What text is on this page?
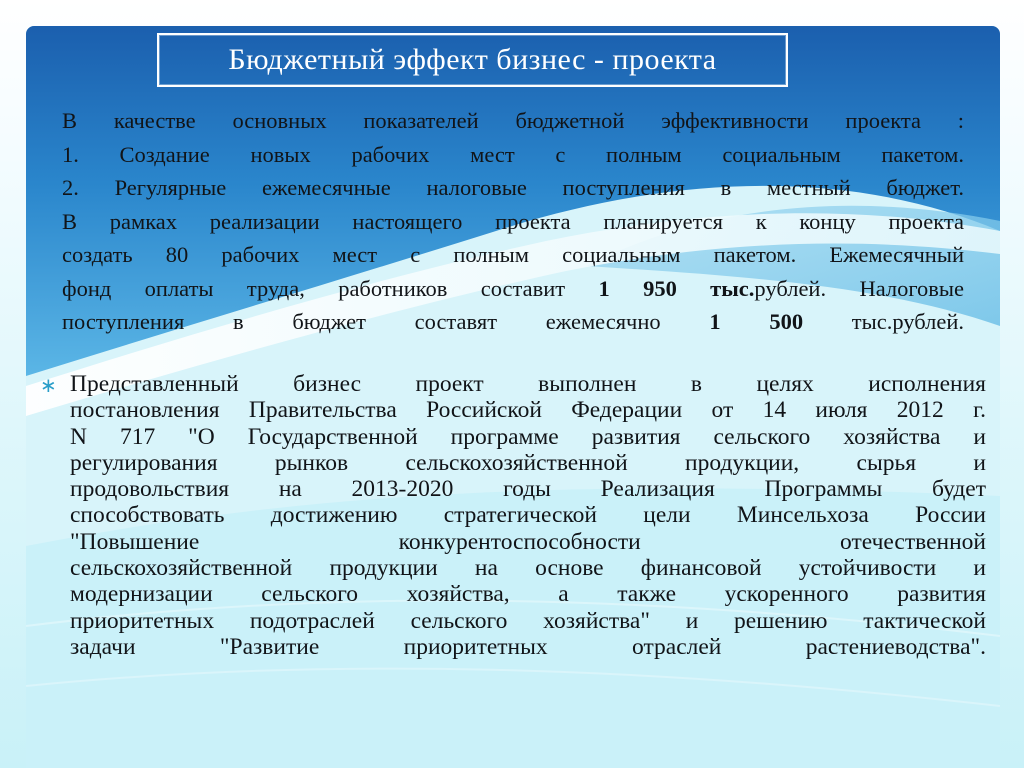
Бюджетный эффект бизнес - проекта
В качестве основных показателей бюджетной эффективности проекта :
1. Создание новых рабочих мест с полным социальным пакетом.
2. Регулярные ежемесячные налоговые поступления в местный бюджет.
В рамках реализации настоящего проекта планируется к концу проекта
создать 80 рабочих мест с полным социальным пакетом. Ежемесячный
фонд оплаты труда, работников составит 1 950 тыс.рублей. Налоговые
поступления в бюджет составят ежемесячно 1 500 тыс.рублей.
∗ Представленный бизнес проект выполнен в целях исполнения
постановления Правительства Российской Федерации от 14 июля 2012 г.
N 717 "О Государственной программе развития сельского хозяйства и
регулирования рынков сельскохозяйственной продукции, сырья и
продовольствия на 2013-2020 годы Реализация Программы будет
способствовать достижению стратегической цели Минсельхоза России
"Повышение конкурентоспособности отечественной
сельскохозяйственной продукции на основе финансовой устойчивости и
модернизации сельского хозяйства, а также ускоренного развития
приоритетных подотраслей сельского хозяйства" и решению тактической
задачи "Развитие приоритетных отраслей растениеводства".
